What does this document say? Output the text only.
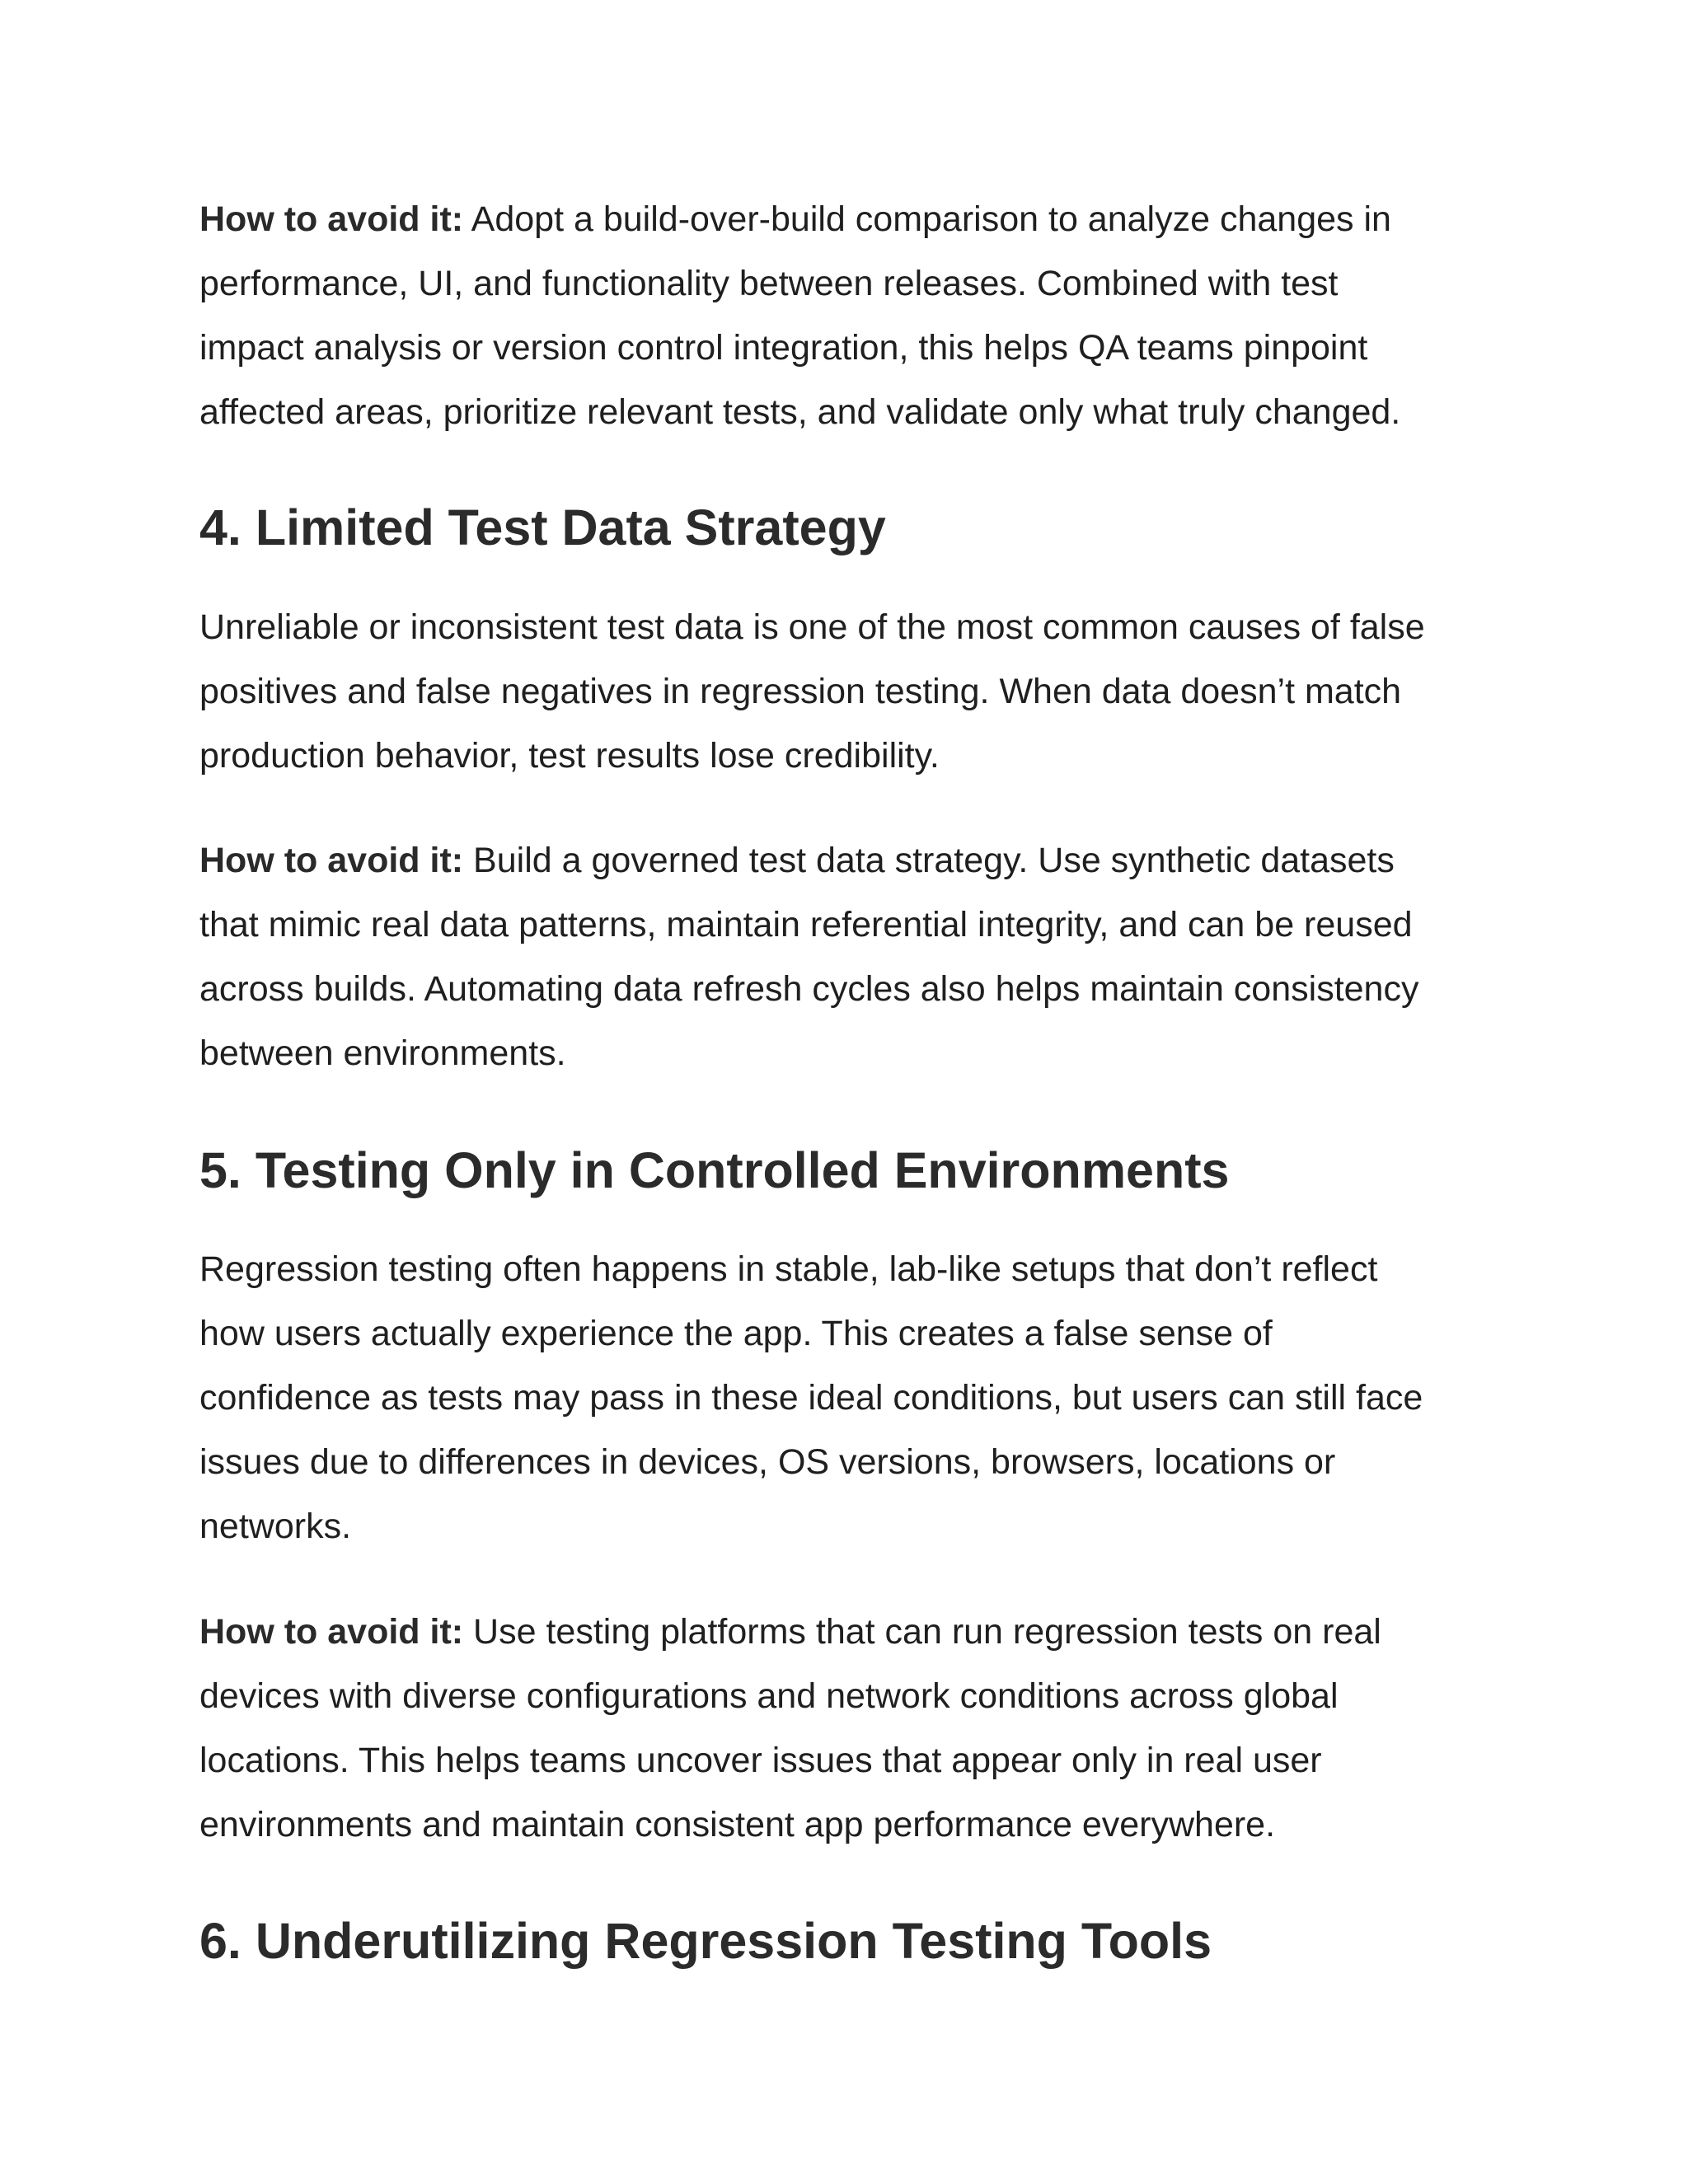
How to avoid it: Adopt a build-over-build comparison to analyze changes in
performance, UI, and functionality between releases. Combined with test
impact analysis or version control integration, this helps QA teams pinpoint
affected areas, prioritize relevant tests, and validate only what truly changed.

4. Limited Test Data Strategy

Unreliable or inconsistent test data is one of the most common causes of false
positives and false negatives in regression testing. When data doesn’t match
production behavior, test results lose credibility.

How to avoid it: Build a governed test data strategy. Use synthetic datasets
that mimic real data patterns, maintain referential integrity, and can be reused
across builds. Automating data refresh cycles also helps maintain consistency
between environments.

5. Testing Only in Controlled Environments

Regression testing often happens in stable, lab-like setups that don’t reflect
how users actually experience the app. This creates a false sense of
confidence as tests may pass in these ideal conditions, but users can still face
issues due to differences in devices, OS versions, browsers, locations or
networks.

How to avoid it: Use testing platforms that can run regression tests on real
devices with diverse configurations and network conditions across global
locations. This helps teams uncover issues that appear only in real user
environments and maintain consistent app performance everywhere.

6. Underutilizing Regression Testing Tools
